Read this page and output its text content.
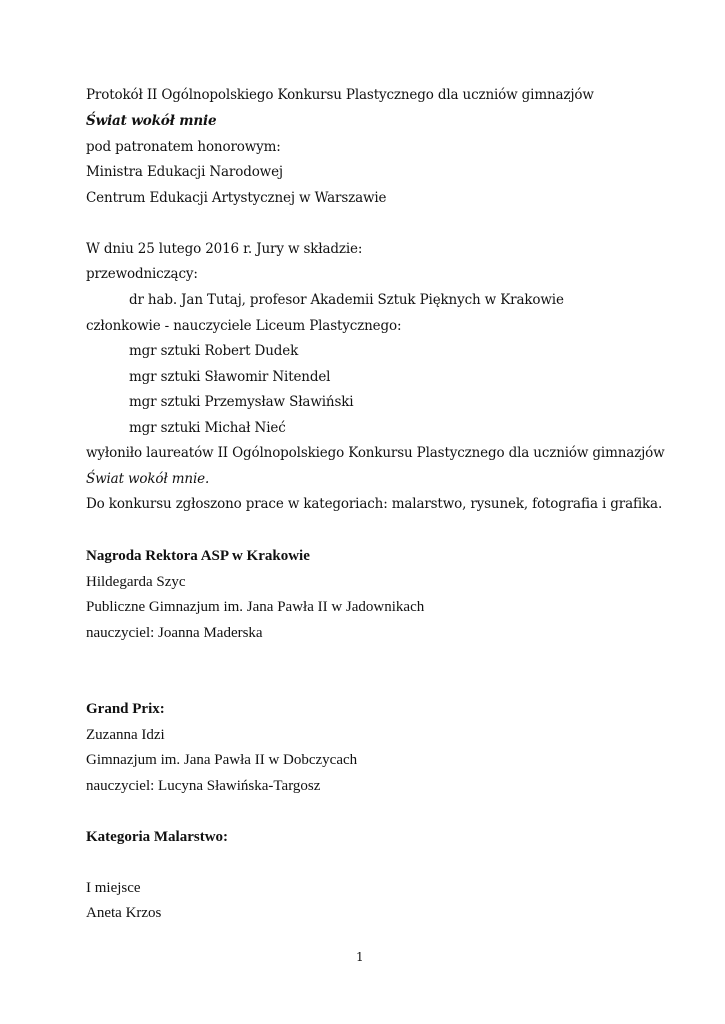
Protokół II Ogólnopolskiego Konkursu Plastycznego dla uczniów gimnazjów
Świat wokół mnie
pod patronatem honorowym:
Ministra Edukacji Narodowej
Centrum Edukacji Artystycznej w Warszawie
W dniu 25 lutego 2016 r. Jury w składzie:
przewodniczący:
dr hab. Jan Tutaj, profesor Akademii Sztuk Pięknych w Krakowie
członkowie - nauczyciele Liceum Plastycznego:
mgr sztuki Robert Dudek
mgr sztuki Sławomir Nitendel
mgr sztuki Przemysław Sławiński
mgr sztuki Michał Nieć
wyłoniło laureatów II Ogólnopolskiego Konkursu Plastycznego dla uczniów gimnazjów
Świat wokół mnie.
Do konkursu zgłoszono prace w kategoriach: malarstwo, rysunek, fotografia i grafika.
Nagroda Rektora ASP w Krakowie
Hildegarda Szyc
Publiczne Gimnazjum im. Jana Pawła II w Jadownikach
nauczyciel: Joanna Maderska
Grand Prix:
Zuzanna Idzi
Gimnazjum im. Jana Pawła II w Dobczycach
nauczyciel: Lucyna Sławińska-Targosz
Kategoria Malarstwo:
I miejsce
Aneta Krzos
1
